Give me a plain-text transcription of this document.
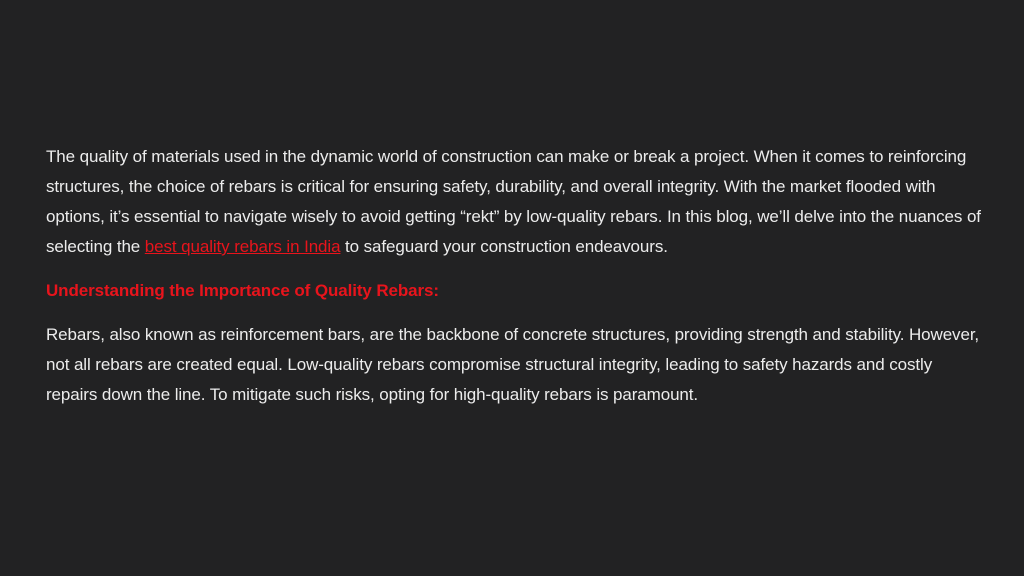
The quality of materials used in the dynamic world of construction can make or break a project. When it comes to reinforcing structures, the choice of rebars is critical for ensuring safety, durability, and overall integrity. With the market flooded with options, it’s essential to navigate wisely to avoid getting “rekt” by low-quality rebars. In this blog, we’ll delve into the nuances of selecting the best quality rebars in India to safeguard your construction endeavours.

Understanding the Importance of Quality Rebars:

Rebars, also known as reinforcement bars, are the backbone of concrete structures, providing strength and stability. However, not all rebars are created equal. Low-quality rebars compromise structural integrity, leading to safety hazards and costly repairs down the line. To mitigate such risks, opting for high-quality rebars is paramount.
